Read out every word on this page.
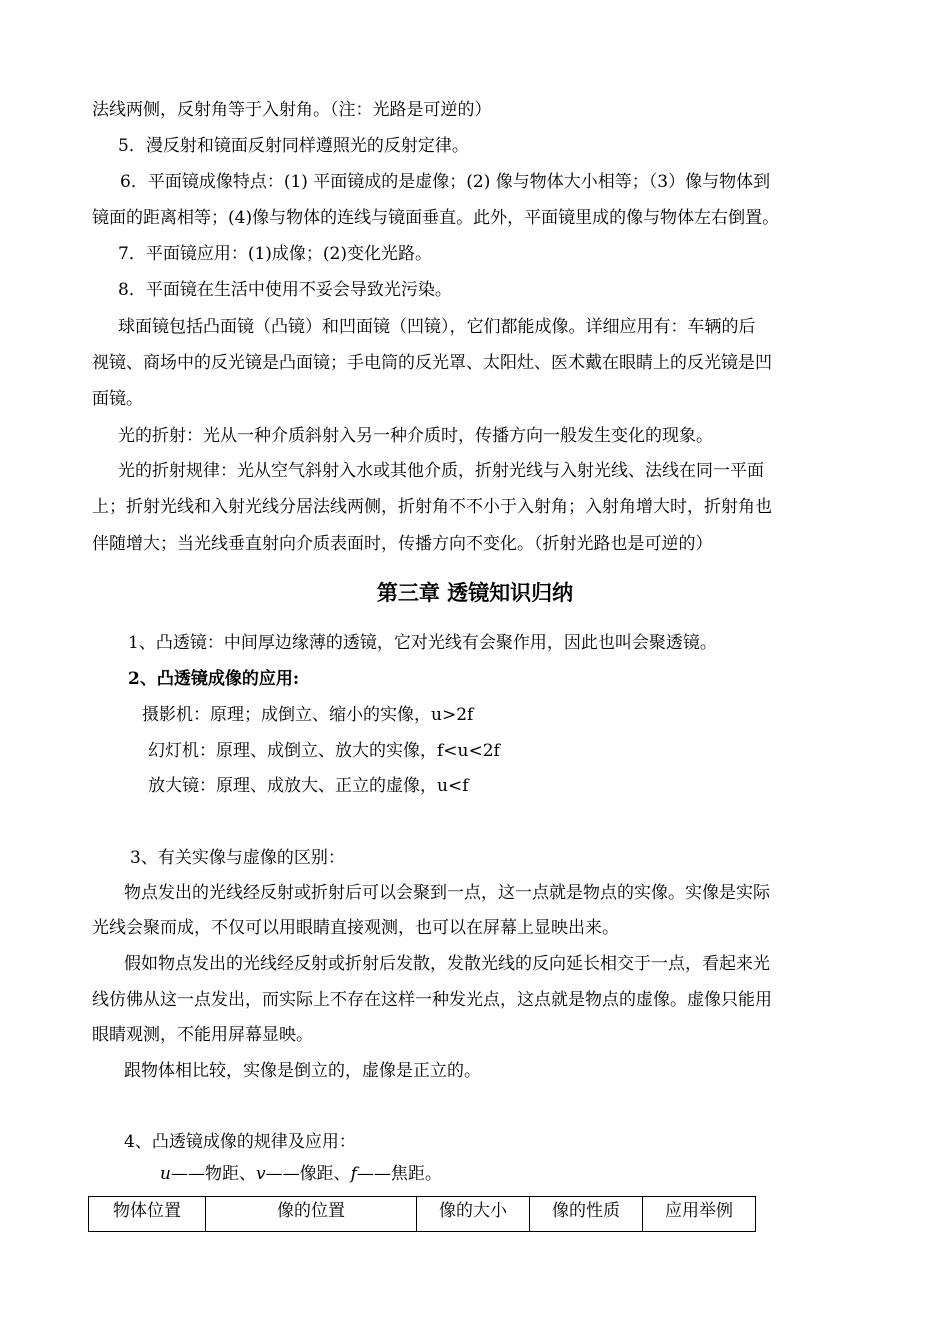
法线两侧，反射角等于入射角。（注：光路是可逆的）
5．漫反射和镜面反射同样遵照光的反射定律。
6．平面镜成像特点：(1) 平面镜成的是虚像；(2) 像与物体大小相等；（3）像与物体到
镜面的距离相等；(4)像与物体的连线与镜面垂直。此外，平面镜里成的像与物体左右倒置。
7．平面镜应用：(1)成像；(2)变化光路。
8．平面镜在生活中使用不妥会导致光污染。
球面镜包括凸面镜（凸镜）和凹面镜（凹镜），它们都能成像。详细应用有：车辆的后
视镜、商场中的反光镜是凸面镜；手电筒的反光罩、太阳灶、医术戴在眼睛上的反光镜是凹
面镜。
光的折射：光从一种介质斜射入另一种介质时，传播方向一般发生变化的现象。
光的折射规律：光从空气斜射入水或其他介质，折射光线与入射光线、法线在同一平面
上；折射光线和入射光线分居法线两侧，折射角不不小于入射角；入射角增大时，折射角也
伴随增大；当光线垂直射向介质表面时，传播方向不变化。（折射光路也是可逆的）
第三章 透镜知识归纳
1、凸透镜：中间厚边缘薄的透镜，它对光线有会聚作用，因此也叫会聚透镜。
2、凸透镜成像的应用:
摄影机：原理；成倒立、缩小的实像，u>2f
幻灯机：原理、成倒立、放大的实像，f<u<2f
放大镜：原理、成放大、正立的虚像，u<f
3、有关实像与虚像的区别：
物点发出的光线经反射或折射后可以会聚到一点，这一点就是物点的实像。实像是实际
光线会聚而成，不仅可以用眼睛直接观测，也可以在屏幕上显映出来。
假如物点发出的光线经反射或折射后发散，发散光线的反向延长相交于一点，看起来光
线仿佛从这一点发出，而实际上不存在这样一种发光点，这点就是物点的虚像。虚像只能用
眼睛观测，不能用屏幕显映。
跟物体相比较，实像是倒立的，虚像是正立的。
4、凸透镜成像的规律及应用：
u——物距、v——像距、f——焦距。
物体位置	像的位置	像的大小	像的性质	应用举例
